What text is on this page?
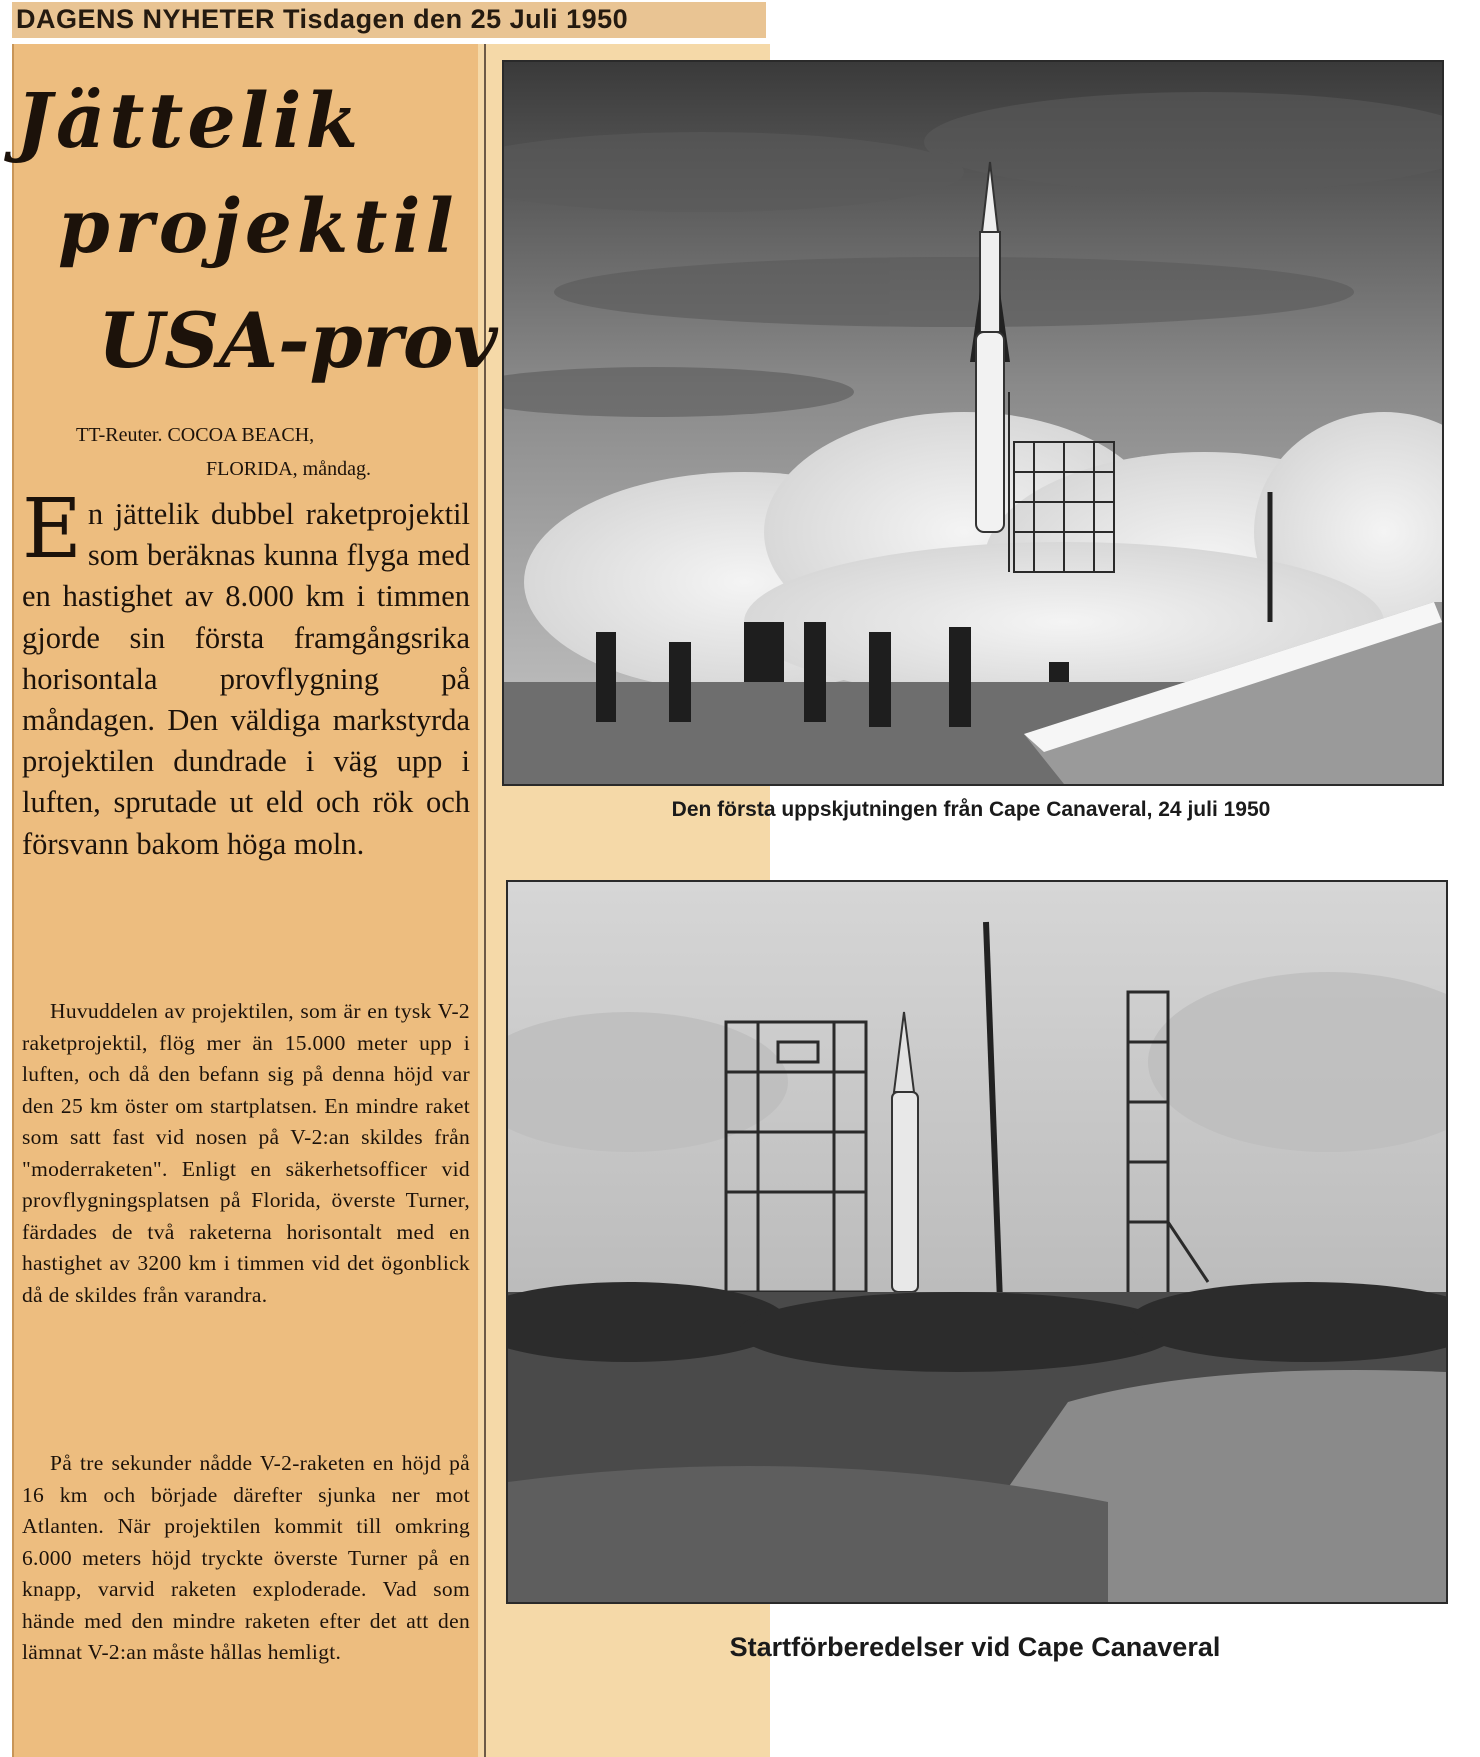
DAGENS NYHETER Tisdagen den 25 Juli 1950
Jättelik
projektil
USA-prov
TT-Reuter. COCOA BEACH,
FLORIDA, måndag.
E n jättelik dubbel raketprojektil som beräknas kunna flyga med en hastighet av 8.000 km i timmen gjorde sin första framgångsrika horisontala provflygning på måndagen. Den väldiga markstyrda projektilen dundrade i väg upp i luften, sprutade ut eld och rök och försvann bakom höga moln.

Huvuddelen av projektilen, som är en tysk V-2 raketprojektil, flög mer än 15.000 meter upp i luften, och då den befann sig på denna höjd var den 25 km öster om startplatsen. En mindre raket som satt fast vid nosen på V-2:an skildes från "moderraketen". Enligt en säkerhetsofficer vid provflygningsplatsen på Florida, överste Turner, färdades de två raketerna horisontalt med en hastighet av 3200 km i timmen vid det ögonblick då de skildes från varandra.

På tre sekunder nådde V-2-raketen en höjd på 16 km och började därefter sjunka ner mot Atlanten. När projektilen kommit till omkring 6.000 meters höjd tryckte överste Turner på en knapp, varvid raketen exploderade. Vad som hände med den mindre raketen efter det att den lämnat V-2:an måste hållas hemligt.

Den första uppskjutningen från Cape Canaveral, 24 juli 1950
Startförberedelser vid Cape Canaveral
